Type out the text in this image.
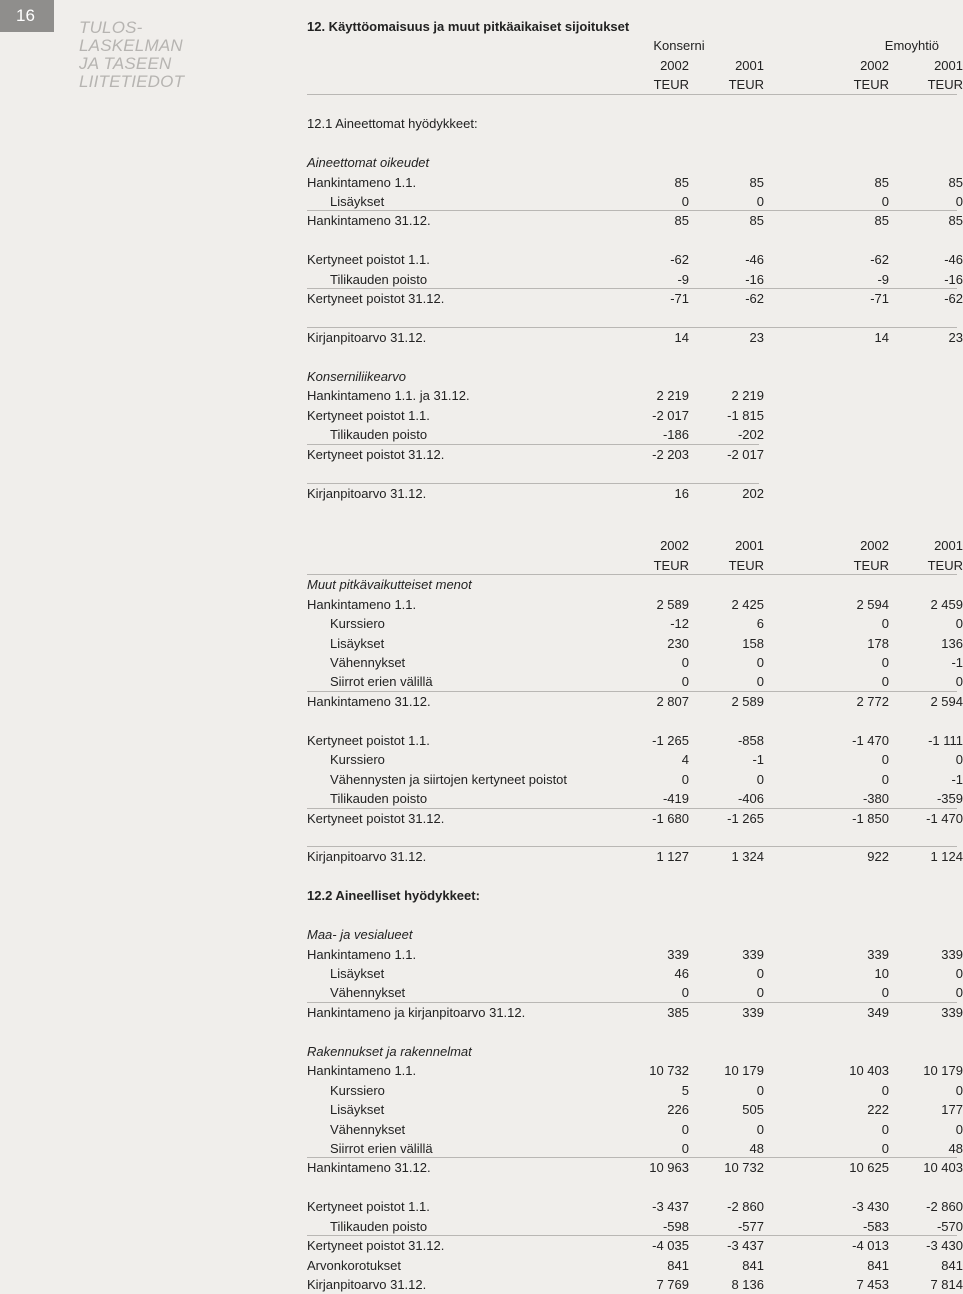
16
TULOS-
LASKELMAN
JA TASEEN
LIITETIEDOT
12. Käyttöomaisuus ja muut pitkäaikaiset sijoitukset
Konserni	Emoyhtiö
2002	2001	2002	2001
TEUR	TEUR	TEUR	TEUR
12.1 Aineettomat hyödykkeet:
Aineettomat oikeudet
Hankintameno 1.1.	85	85	85	85
Lisäykset	0	0	0	0
Hankintameno 31.12.	85	85	85	85
Kertyneet poistot 1.1.	-62	-46	-62	-46
Tilikauden poisto	-9	-16	-9	-16
Kertyneet poistot 31.12.	-71	-62	-71	-62
Kirjanpitoarvo 31.12.	14	23	14	23
Konserniliikearvo
Hankintameno 1.1. ja 31.12.	2 219	2 219
Kertyneet poistot 1.1.	-2 017	-1 815
Tilikauden poisto	-186	-202
Kertyneet poistot 31.12.	-2 203	-2 017
Kirjanpitoarvo 31.12.	16	202
2002	2001	2002	2001
TEUR	TEUR	TEUR	TEUR
Muut pitkävaikutteiset menot
Hankintameno 1.1.	2 589	2 425	2 594	2 459
Kurssiero	-12	6	0	0
Lisäykset	230	158	178	136
Vähennykset	0	0	0	-1
Siirrot erien välillä	0	0	0	0
Hankintameno 31.12.	2 807	2 589	2 772	2 594
Kertyneet poistot 1.1.	-1 265	-858	-1 470	-1 111
Kurssiero	4	-1	0	0
Vähennysten ja siirtojen kertyneet poistot	0	0	0	-1
Tilikauden poisto	-419	-406	-380	-359
Kertyneet poistot 31.12.	-1 680	-1 265	-1 850	-1 470
Kirjanpitoarvo 31.12.	1 127	1 324	922	1 124
12.2 Aineelliset hyödykkeet:
Maa- ja vesialueet
Hankintameno 1.1.	339	339	339	339
Lisäykset	46	0	10	0
Vähennykset	0	0	0	0
Hankintameno ja kirjanpitoarvo 31.12.	385	339	349	339
Rakennukset ja rakennelmat
Hankintameno 1.1.	10 732	10 179	10 403	10 179
Kurssiero	5	0	0	0
Lisäykset	226	505	222	177
Vähennykset	0	0	0	0
Siirrot erien välillä	0	48	0	48
Hankintameno 31.12.	10 963	10 732	10 625	10 403
Kertyneet poistot 1.1.	-3 437	-2 860	-3 430	-2 860
Tilikauden poisto	-598	-577	-583	-570
Kertyneet poistot 31.12.	-4 035	-3 437	-4 013	-3 430
Arvonkorotukset	841	841	841	841
Kirjanpitoarvo 31.12.	7 769	8 136	7 453	7 814
